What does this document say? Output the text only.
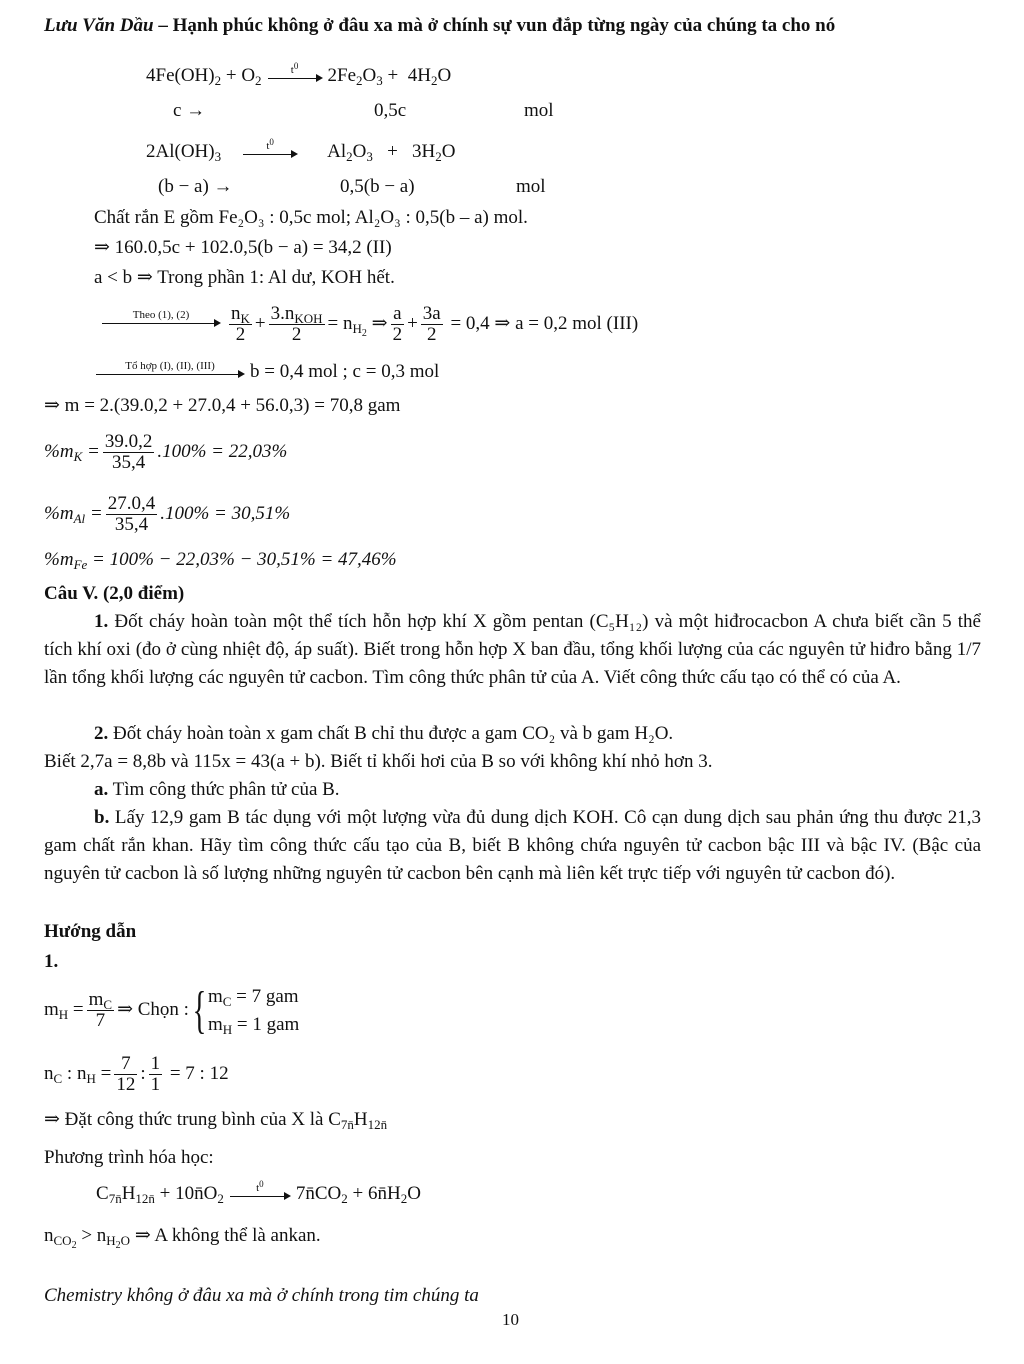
Lưu Văn Dầu – Hạnh phúc không ở đâu xa mà ở chính sự vun đắp từng ngày của chúng ta cho nó
$4Fe(OH)_2 + O_2$
$t^0$	$2Fe_2O_3 + 4H_2O$
c →	0,5c	mol
$2Al(OH)_3$
$t^0$	$Al_2O_3 + 3H_2O$
(b − a) →	0,5(b − a)	mol
Chất rắn E gồm Fe₂O₃ : 0,5c mol; Al₂O₃ : 0,5(b – a) mol.
⇒ 160.0,5c + 102.0,5(b − a) = 34,2 (II)
a < b ⇒ Trong phần 1: Al dư, KOH hết.
Theo (1), (2)	$\frac{n_K}{2} + \frac{3.n_{KOH}}{2} = n_{H_2}$ ⇒ $\frac{a}{2} + \frac{3a}{2} = 0,4$ ⇒ a = 0,2 mol (III)
Tổ hợp (I), (II), (III)	b = 0,4 mol ; c = 0,3 mol
⇒ m = 2.(39.0,2 + 27.0,4 + 56.0,3) = 70,8 gam
$\%m_K = \frac{39.0,2}{35,4} .100\% = 22,03\%$
$\%m_{Al} = \frac{27.0,4}{35,4} .100\% = 30,51\%$
$\%m_{Fe} = 100\% - 22,03\% - 30,51\% = 47,46\%$
Câu V. (2,0 điểm)
1. Đốt cháy hoàn toàn một thể tích hỗn hợp khí X gồm pentan (C₅H₁₂) và một hiđrocacbon A chưa biết cần 5 thể tích khí oxi (đo ở cùng nhiệt độ, áp suất). Biết trong hỗn hợp X ban đầu, tổng khối lượng của các nguyên tử hiđro bằng 1/7 lần tổng khối lượng các nguyên tử cacbon. Tìm công thức phân tử của A. Viết công thức cấu tạo có thể có của A.
2. Đốt cháy hoàn toàn x gam chất B chỉ thu được a gam CO₂ và b gam H₂O.
Biết 2,7a = 8,8b và 115x = 43(a + b). Biết tỉ khối hơi của B so với không khí nhỏ hơn 3.
a. Tìm công thức phân tử của B.
b. Lấy 12,9 gam B tác dụng với một lượng vừa đủ dung dịch KOH. Cô cạn dung dịch sau phản ứng thu được 21,3 gam chất rắn khan. Hãy tìm công thức cấu tạo của B, biết B không chứa nguyên tử cacbon bậc III và bậc IV. (Bậc của nguyên tử cacbon là số lượng những nguyên tử cacbon bên cạnh mà liên kết trực tiếp với nguyên tử cacbon đó).
Hướng dẫn
1.
$m_H = \frac{m_C}{7}$ ⇒ Chọn :{ $m_C = 7$ gam
$m_H = 1$ gam
$n_C$ : $n_H = \frac{7}{12}$ : $\frac{1}{1} = 7$ : 12
⇒ Đặt công thức trung bình của X là $C_{7n̄}H_{12n̄}$
Phương trình hóa học:
$C_{7n̄}H_{12n̄}$ + $10n̄O_2$
$t^0$	$7n̄CO_2$ + $6n̄H_2O$
$n_{CO_2} > n_{H_2O}$ ⇒ A không thể là ankan.
Chemistry không ở đâu xa mà ở chính trong tim chúng ta
10
